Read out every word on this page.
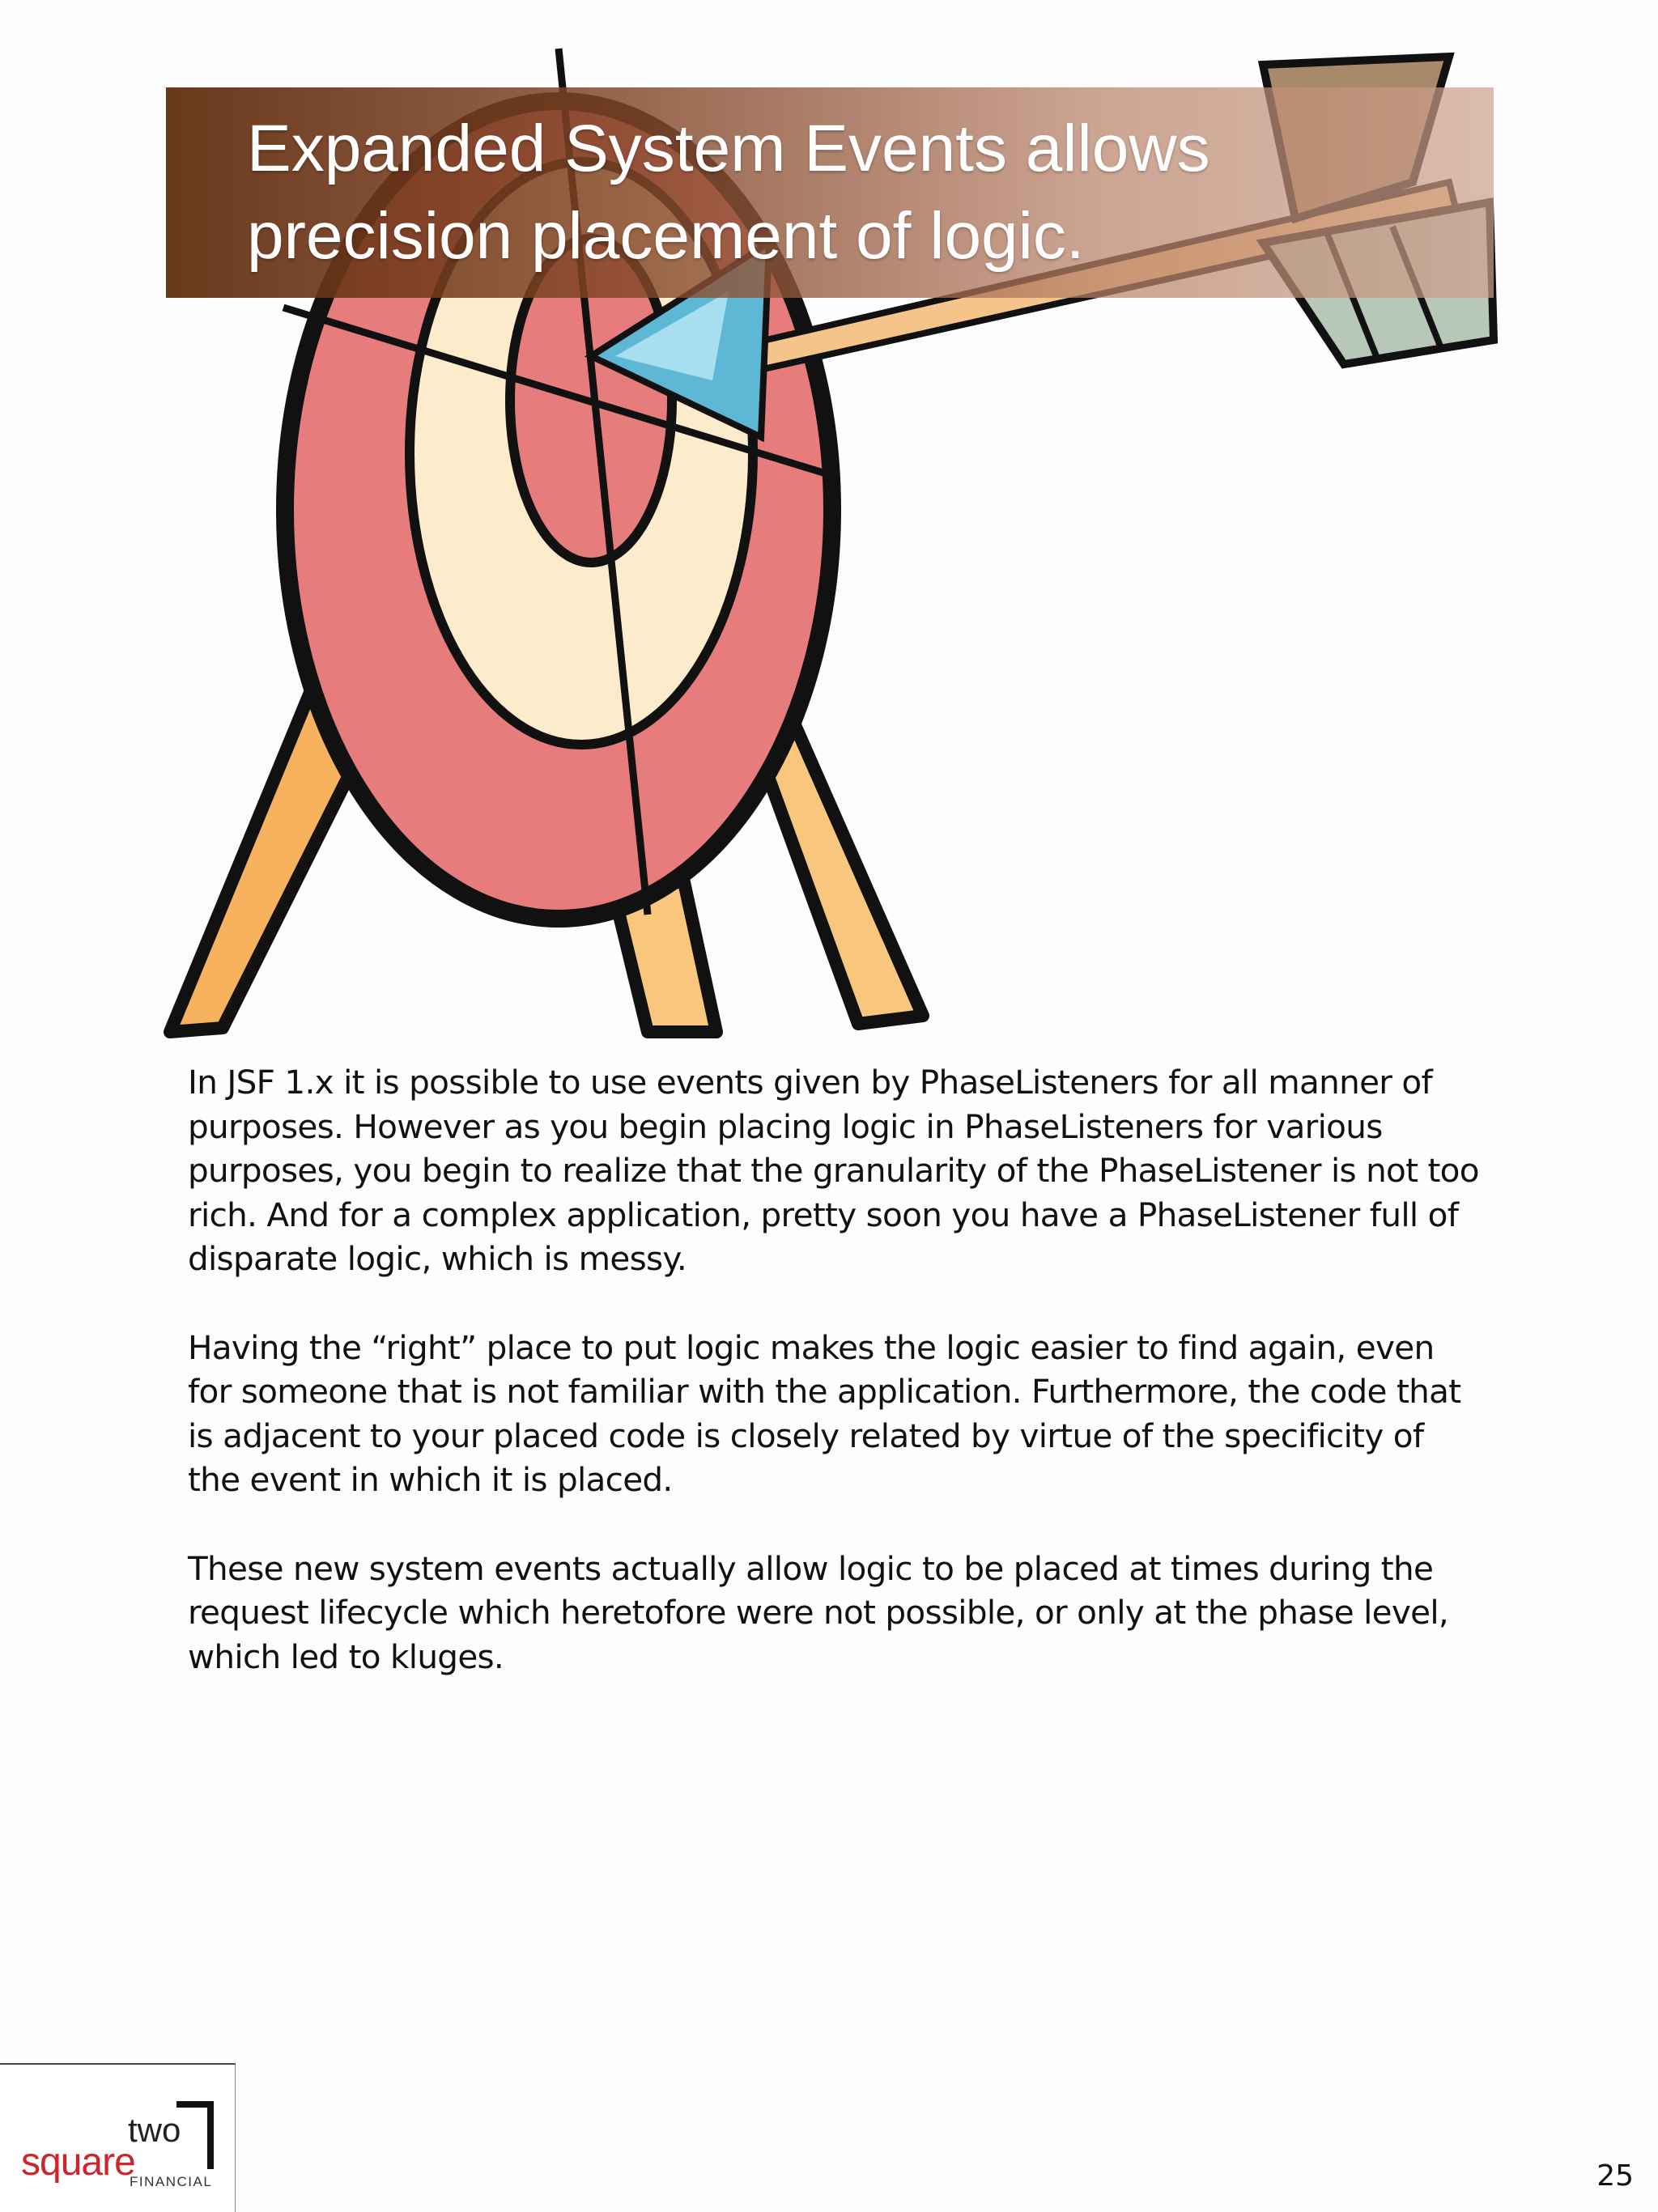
Expanded System Events allows precision placement of logic.

In JSF 1.x it is possible to use events given by PhaseListeners for all manner of purposes. However as you begin placing logic in PhaseListeners for various purposes, you begin to realize that the granularity of the PhaseListener is not too rich. And for a complex application, pretty soon you have a PhaseListener full of disparate logic, which is messy.

Having the “right” place to put logic makes the logic easier to find again, even for someone that is not familiar with the application. Furthermore, the code that is adjacent to your placed code is closely related by virtue of the specificity of the event in which it is placed.

These new system events actually allow logic to be placed at times during the request lifecycle which heretofore were not possible, or only at the phase level, which led to kluges.

square
two
FINANCIAL	25
